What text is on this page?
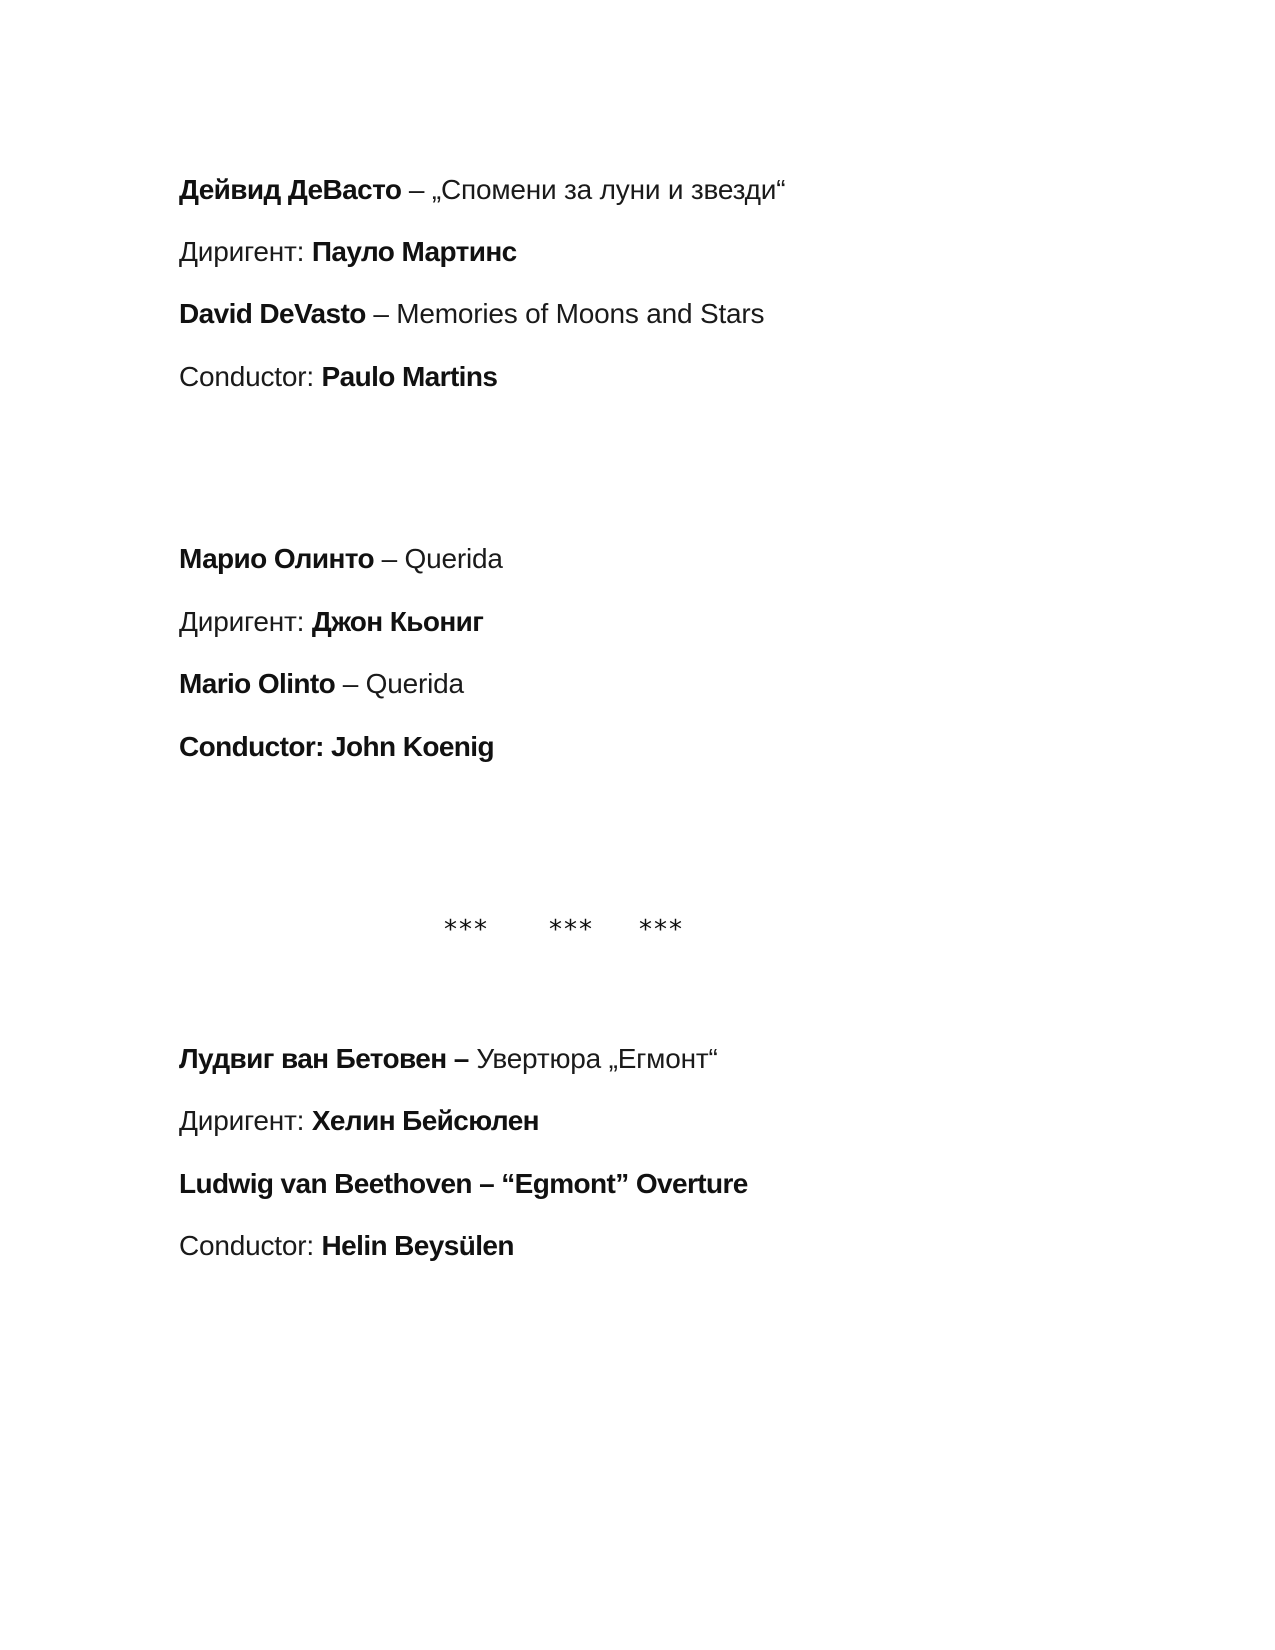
Дейвид ДеВасто – „Спомени за луни и звезди“
Диригент: Пауло Мартинс
David DeVasto – Memories of Moons and Stars
Conductor: Paulo Martins
Марио Олинто – Querida
Диригент: Джон Кьониг
Mario Olinto – Querida
Conductor: John Koenig
*** *** ***
Лудвиг ван Бетовен – Увертюра „Егмонт“
Диригент: Хелин Бейсюлен
Ludwig van Beethoven – “Egmont” Overture
Conductor: Helin Beysülen
